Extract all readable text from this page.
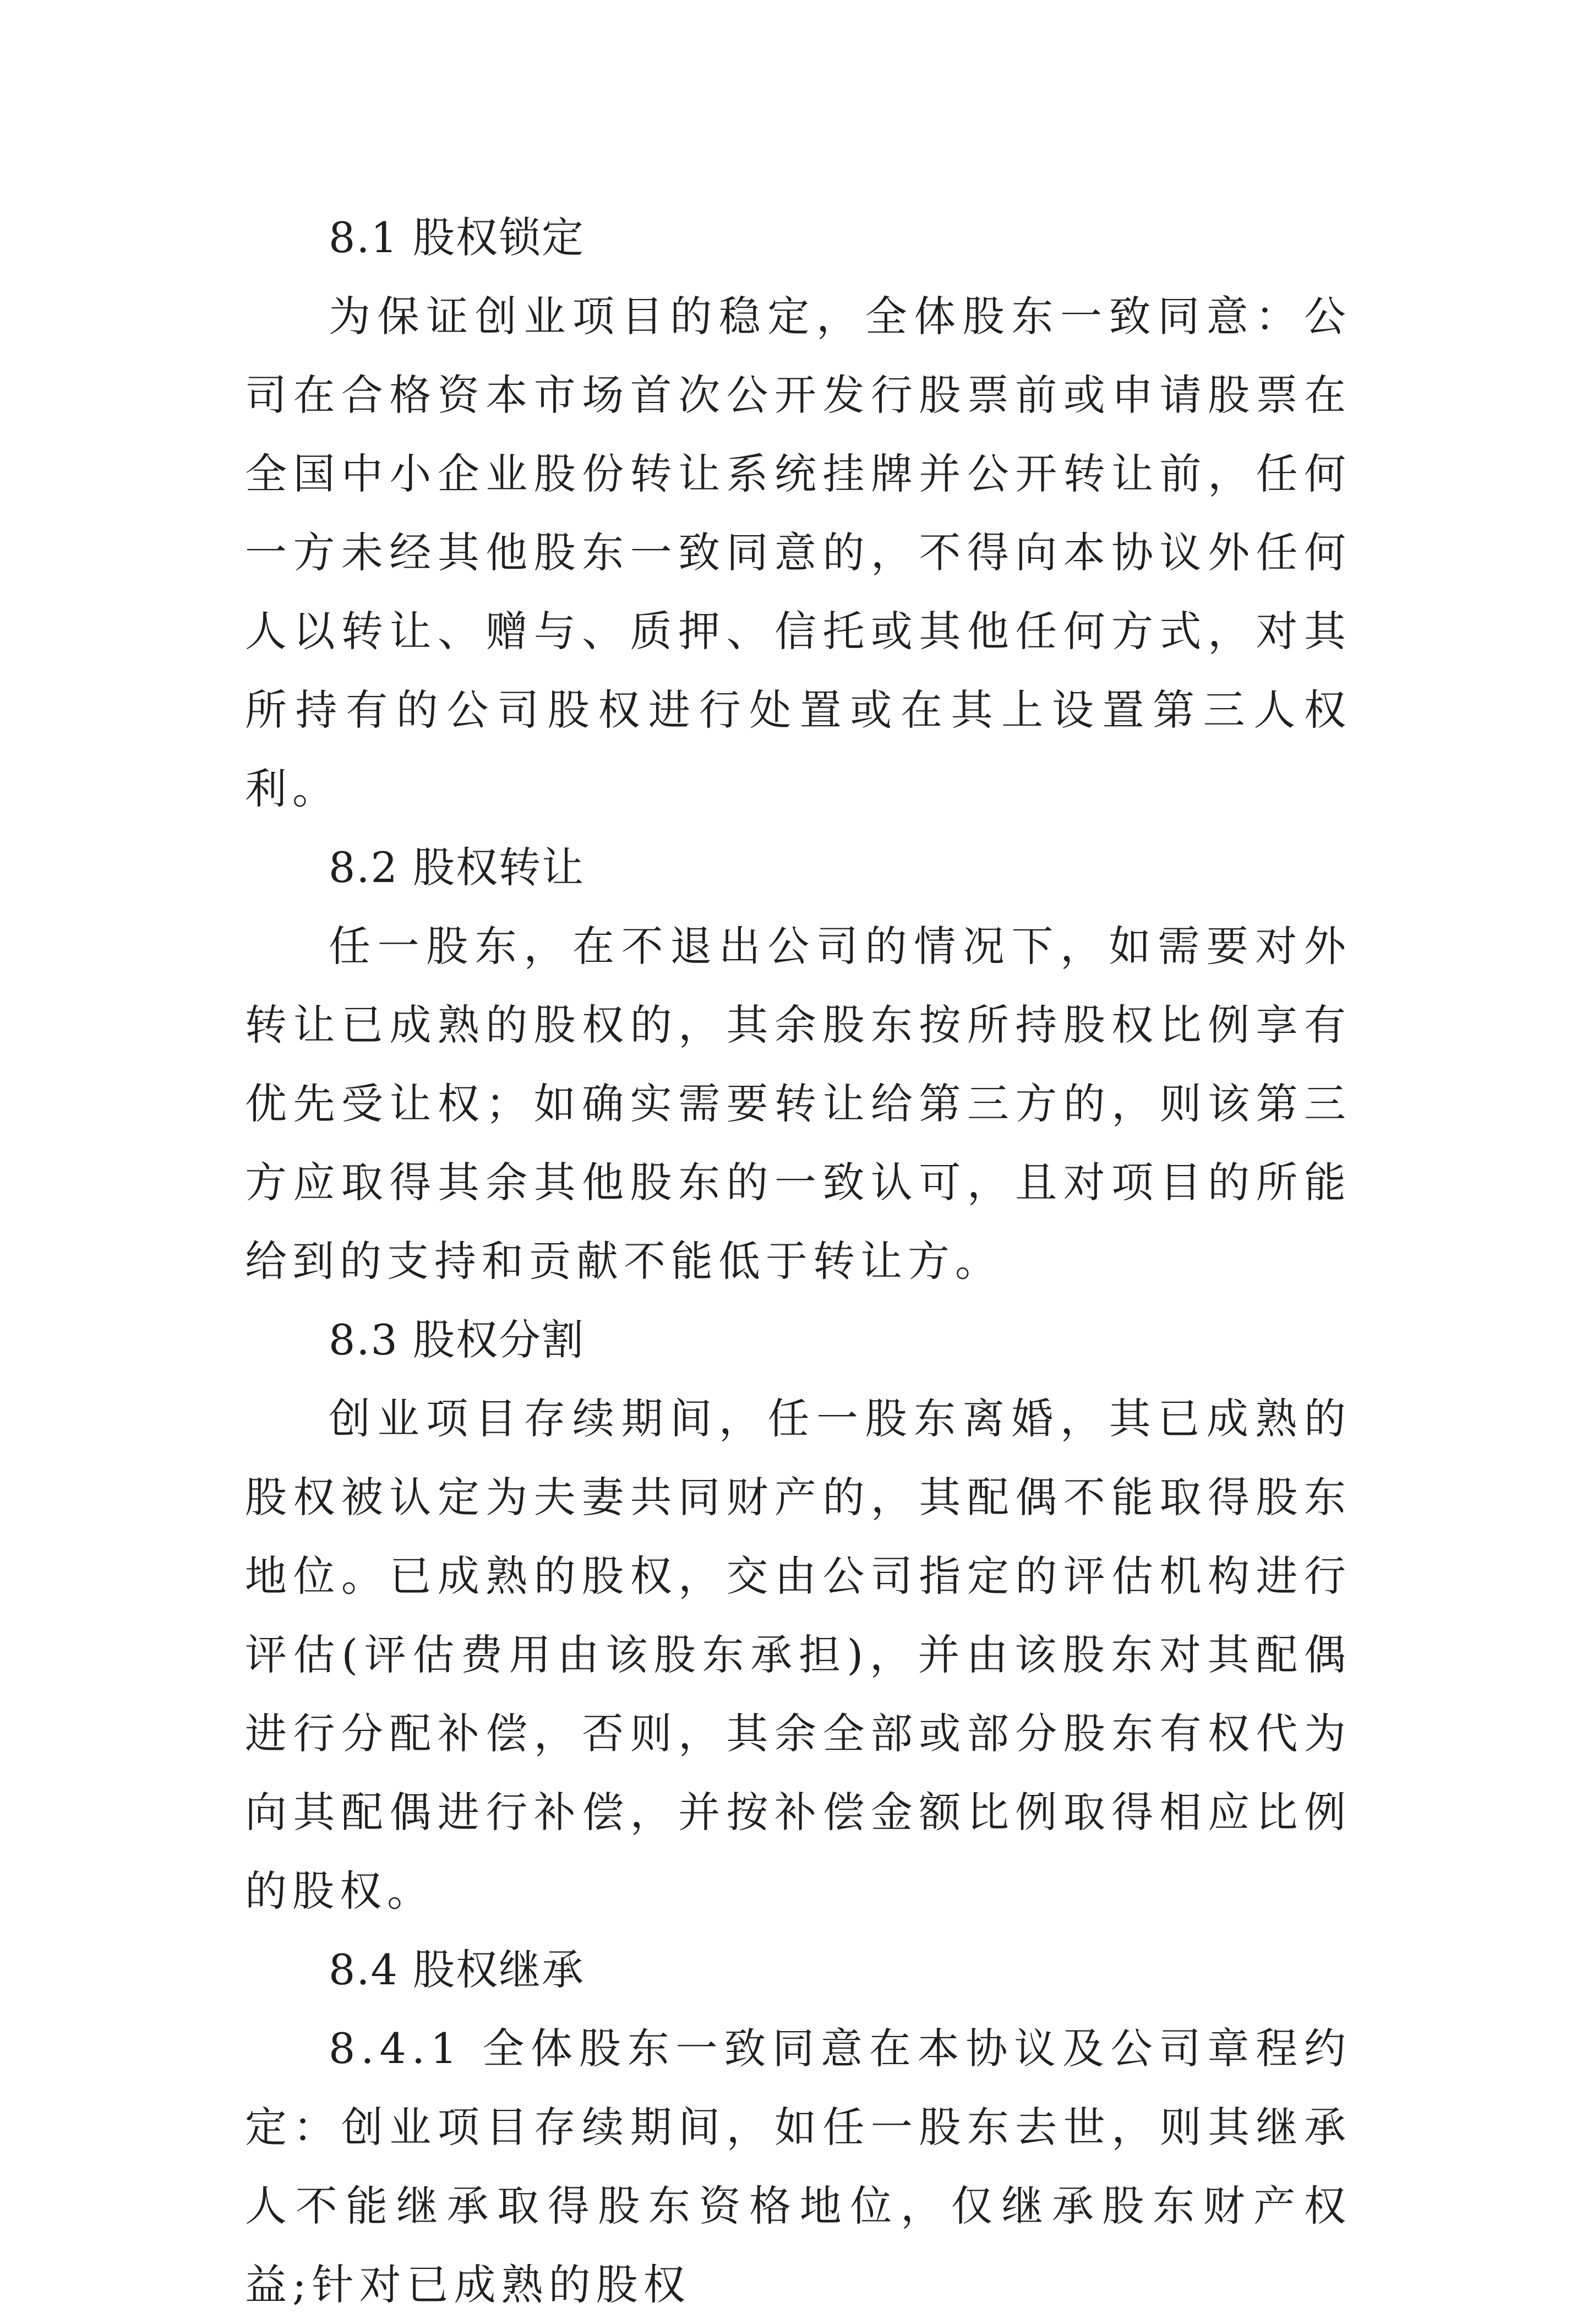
8.1 股权锁定

为保证创业项目的稳定，全体股东一致同意：公司在合格资本市场首次公开发行股票前或申请股票在全国中小企业股份转让系统挂牌并公开转让前，任何一方未经其他股东一致同意的，不得向本协议外任何人以转让、赠与、质押、信托或其他任何方式，对其所持有的公司股权进行处置或在其上设置第三人权利。

8.2 股权转让

任一股东，在不退出公司的情况下，如需要对外转让已成熟的股权的，其余股东按所持股权比例享有优先受让权；如确实需要转让给第三方的，则该第三方应取得其余其他股东的一致认可，且对项目的所能给到的支持和贡献不能低于转让方。

8.3 股权分割

创业项目存续期间，任一股东离婚，其已成熟的股权被认定为夫妻共同财产的，其配偶不能取得股东地位。已成熟的股权，交由公司指定的评估机构进行评估(评估费用由该股东承担)，并由该股东对其配偶进行分配补偿，否则，其余全部或部分股东有权代为向其配偶进行补偿，并按补偿金额比例取得相应比例的股权。

8.4 股权继承

8.4.1 全体股东一致同意在本协议及公司章程约定：创业项目存续期间，如任一股东去世，则其继承人不能继承取得股东资格地位，仅继承股东财产权益;针对已成熟的股权
